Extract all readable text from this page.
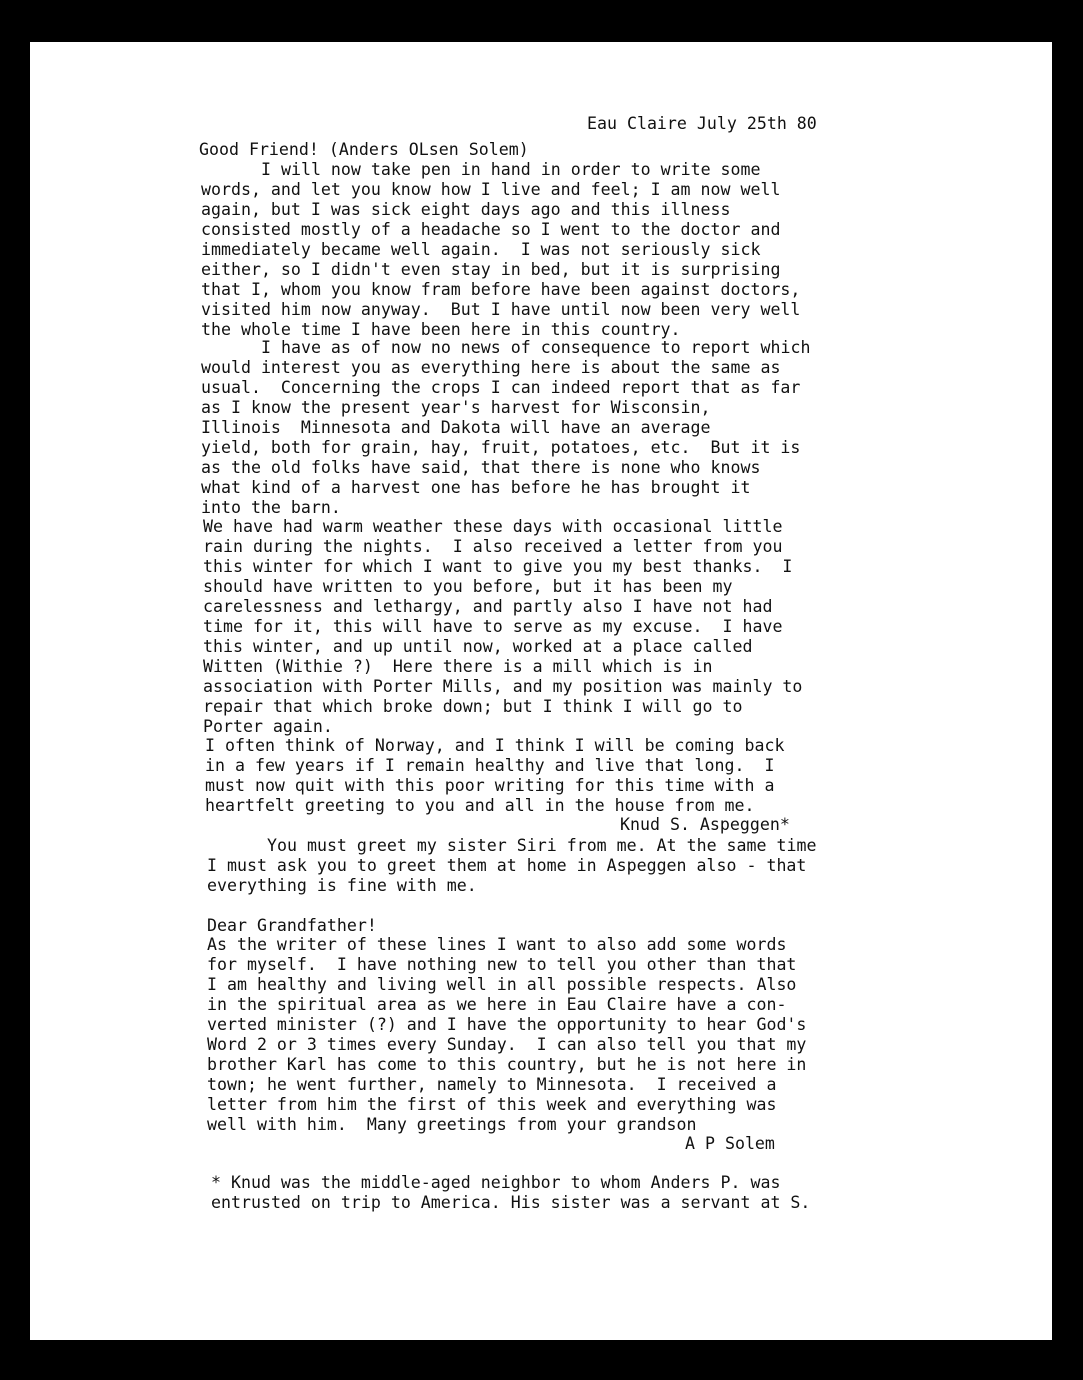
Eau Claire July 25th 80
Good Friend! (Anders OLsen Solem)
I will now take pen in hand in order to write some
words, and let you know how I live and feel; I am now well
again, but I was sick eight days ago and this illness
consisted mostly of a headache so I went to the doctor and
immediately became well again.  I was not seriously sick
either, so I didn't even stay in bed, but it is surprising
that I, whom you know fram before have been against doctors,
visited him now anyway.  But I have until now been very well
the whole time I have been here in this country.
I have as of now no news of consequence to report which
would interest you as everything here is about the same as
usual.  Concerning the crops I can indeed report that as far
as I know the present year's harvest for Wisconsin,
Illinois  Minnesota and Dakota will have an average
yield, both for grain, hay, fruit, potatoes, etc.  But it is
as the old folks have said, that there is none who knows
what kind of a harvest one has before he has brought it
into the barn.
We have had warm weather these days with occasional little
rain during the nights.  I also received a letter from you
this winter for which I want to give you my best thanks.  I
should have written to you before, but it has been my
carelessness and lethargy, and partly also I have not had
time for it, this will have to serve as my excuse.  I have
this winter, and up until now, worked at a place called
Witten (Withie ?)  Here there is a mill which is in
association with Porter Mills, and my position was mainly to
repair that which broke down; but I think I will go to
Porter again.
I often think of Norway, and I think I will be coming back
in a few years if I remain healthy and live that long.  I
must now quit with this poor writing for this time with a
heartfelt greeting to you and all in the house from me.
Knud S. Aspeggen*
You must greet my sister Siri from me. At the same time
I must ask you to greet them at home in Aspeggen also - that
everything is fine with me.
Dear Grandfather!
As the writer of these lines I want to also add some words
for myself.  I have nothing new to tell you other than that
I am healthy and living well in all possible respects. Also
in the spiritual area as we here in Eau Claire have a con-
verted minister (?) and I have the opportunity to hear God's
Word 2 or 3 times every Sunday.  I can also tell you that my
brother Karl has come to this country, but he is not here in
town; he went further, namely to Minnesota.  I received a
letter from him the first of this week and everything was
well with him.  Many greetings from your grandson
A P Solem
* Knud was the middle-aged neighbor to whom Anders P. was
entrusted on trip to America. His sister was a servant at S.
